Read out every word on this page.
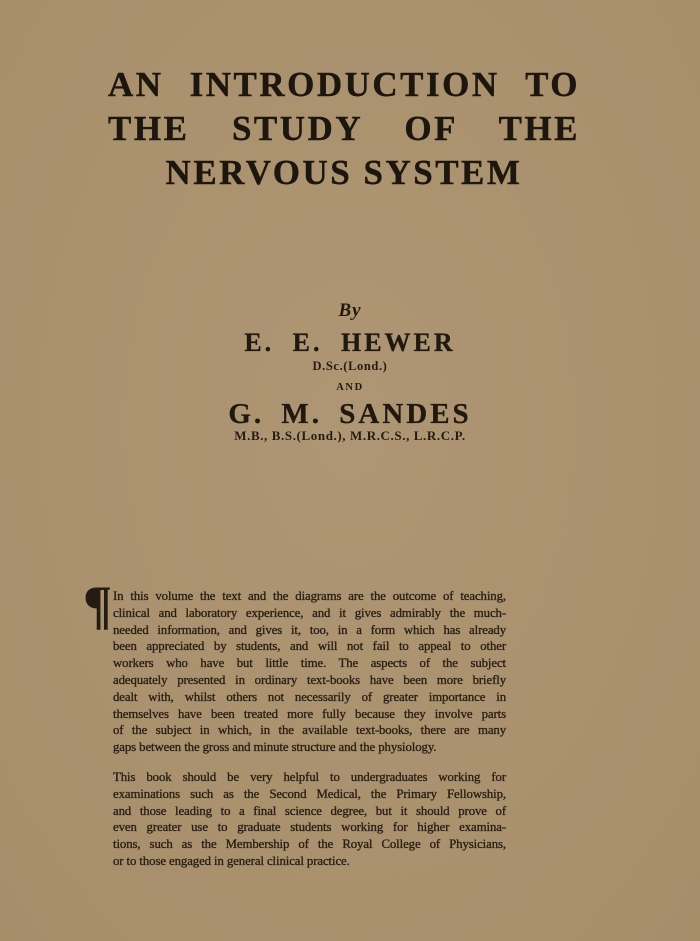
AN INTRODUCTION TO
THE STUDY OF THE
NERVOUS SYSTEM
By
E. E. HEWER
D.Sc.(Lond.)
AND
G. M. SANDES
M.B., B.S.(Lond.), M.R.C.S., L.R.C.P.
¶ In this volume the text and the diagrams are the outcome of teaching,
clinical and laboratory experience, and it gives admirably the much-
needed information, and gives it, too, in a form which has already
been appreciated by students, and will not fail to appeal to other
workers who have but little time. The aspects of the subject
adequately presented in ordinary text-books have been more briefly
dealt with, whilst others not necessarily of greater importance in
themselves have been treated more fully because they involve parts
of the subject in which, in the available text-books, there are many
gaps between the gross and minute structure and the physiology.
This book should be very helpful to undergraduates working for
examinations such as the Second Medical, the Primary Fellowship,
and those leading to a final science degree, but it should prove of
even greater use to graduate students working for higher examina-
tions, such as the Membership of the Royal College of Physicians,
or to those engaged in general clinical practice.
